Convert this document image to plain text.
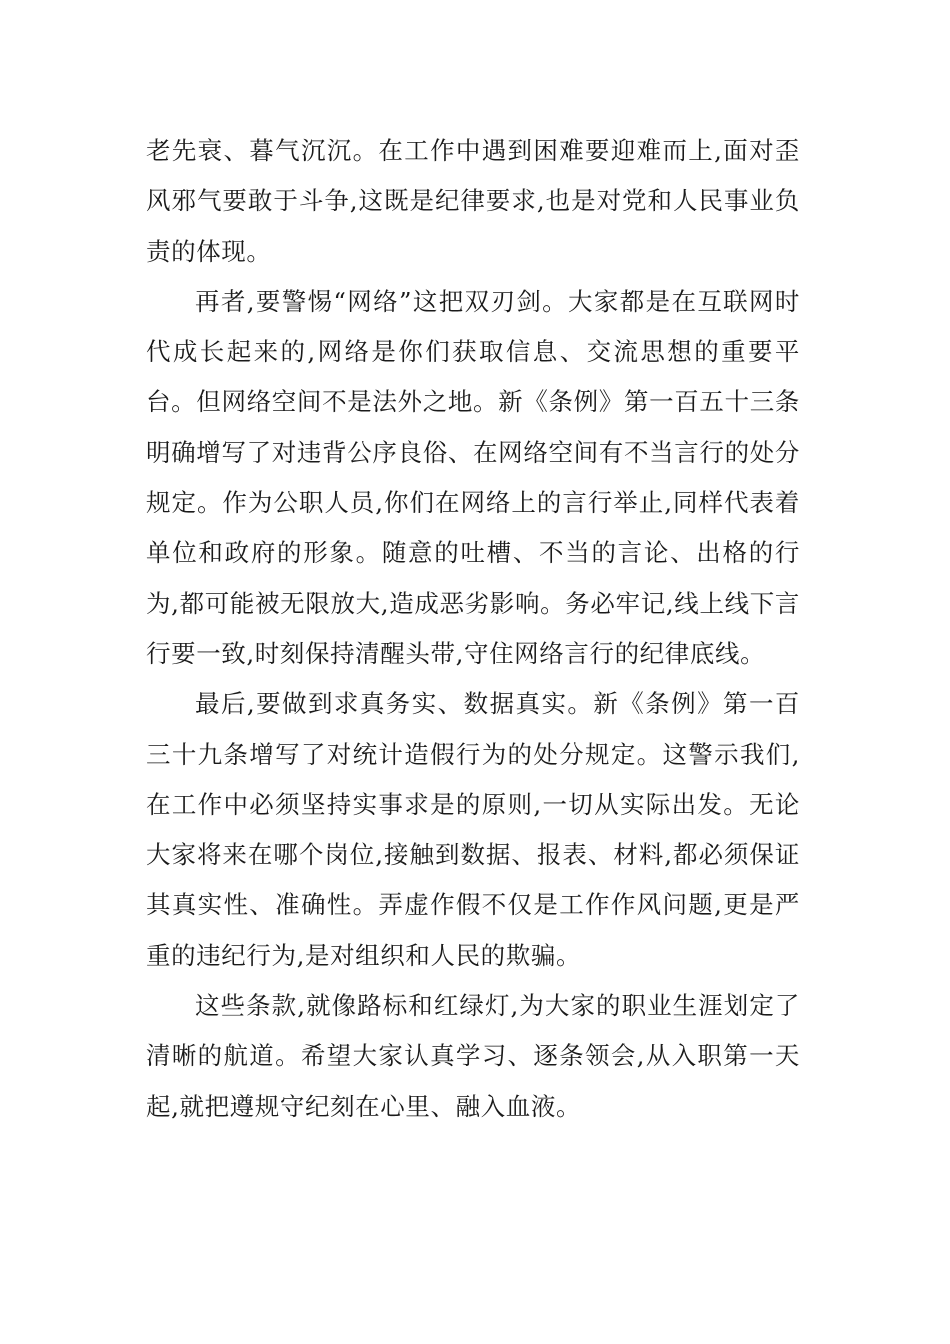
老先衰、暮气沉沉。在工作中遇到困难要迎难而上,面对歪风邪气要敢于斗争,这既是纪律要求,也是对党和人民事业负责的体现。

再者,要警惕“网络”这把双刃剑。大家都是在互联网时代成长起来的,网络是你们获取信息、交流思想的重要平台。但网络空间不是法外之地。新《条例》第一百五十三条明确增写了对违背公序良俗、在网络空间有不当言行的处分规定。作为公职人员,你们在网络上的言行举止,同样代表着单位和政府的形象。随意的吐槽、不当的言论、出格的行为,都可能被无限放大,造成恶劣影响。务必牢记,线上线下言行要一致,时刻保持清醒头带,守住网络言行的纪律底线。

最后,要做到求真务实、数据真实。新《条例》第一百三十九条增写了对统计造假行为的处分规定。这警示我们,在工作中必须坚持实事求是的原则,一切从实际出发。无论大家将来在哪个岗位,接触到数据、报表、材料,都必须保证其真实性、准确性。弄虚作假不仅是工作作风问题,更是严重的违纪行为,是对组织和人民的欺骗。

这些条款,就像路标和红绿灯,为大家的职业生涯划定了清晰的航道。希望大家认真学习、逐条领会,从入职第一天起,就把遵规守纪刻在心里、融入血液。
